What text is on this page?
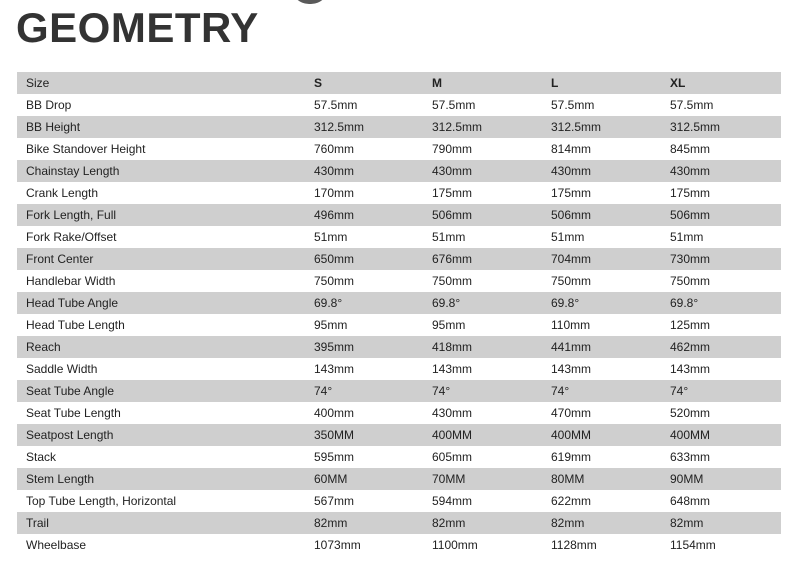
GEOMETRY
Size	S	M	L	XL
BB Drop	57.5mm	57.5mm	57.5mm	57.5mm
BB Height	312.5mm	312.5mm	312.5mm	312.5mm
Bike Standover Height	760mm	790mm	814mm	845mm
Chainstay Length	430mm	430mm	430mm	430mm
Crank Length	170mm	175mm	175mm	175mm
Fork Length, Full	496mm	506mm	506mm	506mm
Fork Rake/Offset	51mm	51mm	51mm	51mm
Front Center	650mm	676mm	704mm	730mm
Handlebar Width	750mm	750mm	750mm	750mm
Head Tube Angle	69.8°	69.8°	69.8°	69.8°
Head Tube Length	95mm	95mm	110mm	125mm
Reach	395mm	418mm	441mm	462mm
Saddle Width	143mm	143mm	143mm	143mm
Seat Tube Angle	74°	74°	74°	74°
Seat Tube Length	400mm	430mm	470mm	520mm
Seatpost Length	350MM	400MM	400MM	400MM
Stack	595mm	605mm	619mm	633mm
Stem Length	60MM	70MM	80MM	90MM
Top Tube Length, Horizontal	567mm	594mm	622mm	648mm
Trail	82mm	82mm	82mm	82mm
Wheelbase	1073mm	1100mm	1128mm	1154mm
